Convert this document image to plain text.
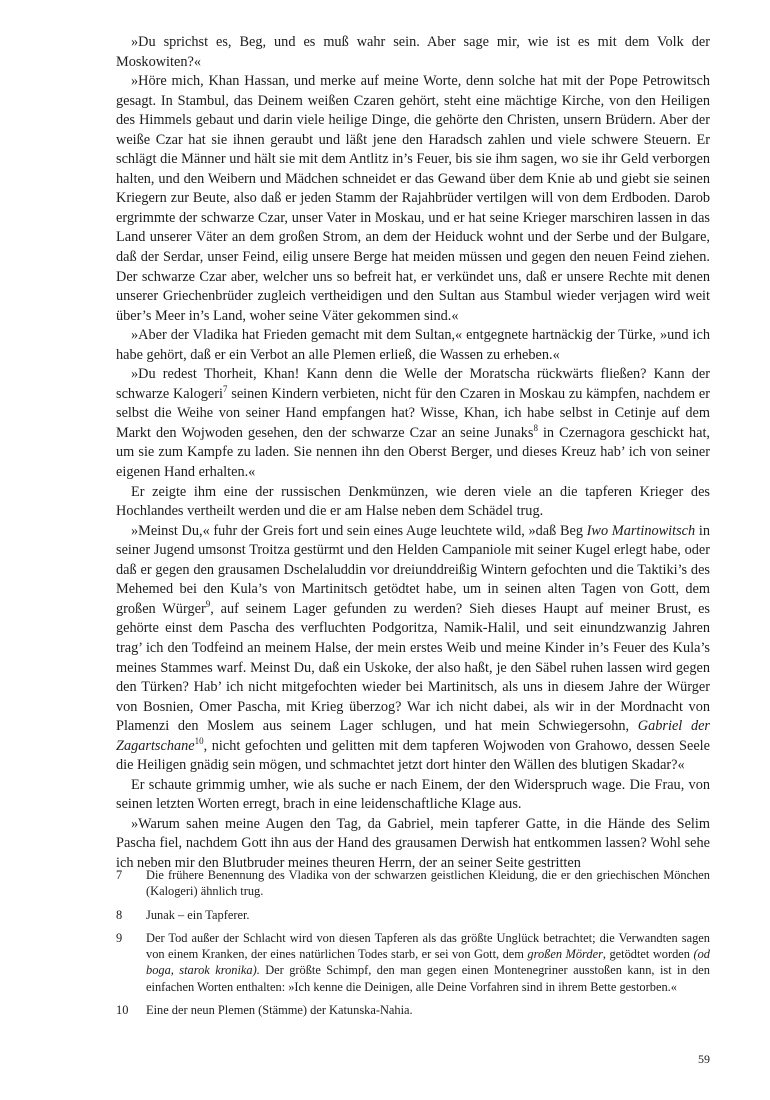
»Du sprichst es, Beg, und es muß wahr sein. Aber sage mir, wie ist es mit dem Volk der Moskowiten?«

»Höre mich, Khan Hassan, und merke auf meine Worte, denn solche hat mit der Pope Petrowitsch gesagt. In Stambul, das Deinem weißen Czaren gehört, steht eine mächtige Kirche, von den Heiligen des Himmels gebaut und darin viele heilige Dinge, die gehörte den Christen, unsern Brüdern. Aber der weiße Czar hat sie ihnen geraubt und läßt jene den Haradsch zahlen und viele schwere Steuern. Er schlägt die Männer und hält sie mit dem Antlitz in’s Feuer, bis sie ihm sagen, wo sie ihr Geld verborgen halten, und den Weibern und Mädchen schneidet er das Gewand über dem Knie ab und giebt sie seinen Kriegern zur Beute, also daß er jeden Stamm der Rajahbrüder vertilgen will von dem Erdboden. Darob ergrimmte der schwarze Czar, unser Vater in Moskau, und er hat seine Krieger marschiren lassen in das Land unserer Väter an dem großen Strom, an dem der Heiduck wohnt und der Serbe und der Bulgare, daß der Serdar, unser Feind, eilig unsere Berge hat meiden müssen und gegen den neuen Feind ziehen. Der schwarze Czar aber, welcher uns so befreit hat, er verkündet uns, daß er unsere Rechte mit denen unserer Griechenbrüder zugleich vertheidigen und den Sultan aus Stambul wieder verjagen wird weit über’s Meer in’s Land, woher seine Väter gekommen sind.«

»Aber der Vladika hat Frieden gemacht mit dem Sultan,« entgegnete hartnäckig der Türke, »und ich habe gehört, daß er ein Verbot an alle Plemen erließ, die Wassen zu erheben.«

»Du redest Thorheit, Khan! Kann denn die Welle der Moratscha rückwärts fließen? Kann der schwarze Kalogeri$^7$ seinen Kindern verbieten, nicht für den Czaren in Moskau zu kämpfen, nachdem er selbst die Weihe von seiner Hand empfangen hat? Wisse, Khan, ich habe selbst in Cetinje auf dem Markt den Wojwoden gesehen, den der schwarze Czar an seine Junaks$^8$ in Czernagora geschickt hat, um sie zum Kampfe zu laden. Sie nennen ihn den Oberst Berger, und dieses Kreuz hab’ ich von seiner eigenen Hand erhalten.«

Er zeigte ihm eine der russischen Denkmünzen, wie deren viele an die tapferen Krieger des Hochlandes vertheilt werden und die er am Halse neben dem Schädel trug.

»Meinst Du,« fuhr der Greis fort und sein eines Auge leuchtete wild, »daß Beg Iwo Martinowitsch in seiner Jugend umsonst Troitza gestürmt und den Helden Campaniole mit seiner Kugel erlegt habe, oder daß er gegen den grausamen Dschelaluddin vor dreiunddreißig Wintern gefochten und die Taktiki’s des Mehemed bei den Kula’s von Martinitsch getödtet habe, um in seinen alten Tagen von Gott, dem großen Würger$^9$, auf seinem Lager gefunden zu werden? Sieh dieses Haupt auf meiner Brust, es gehörte einst dem Pascha des verfluchten Podgoritza, Namik-Halil, und seit einundzwanzig Jahren trag’ ich den Todfeind an meinem Halse, der mein erstes Weib und meine Kinder in’s Feuer des Kula’s meines Stammes warf. Meinst Du, daß ein Uskoke, der also haßt, je den Säbel ruhen lassen wird gegen den Türken? Hab’ ich nicht mitgefochten wieder bei Martinitsch, als uns in diesem Jahre der Würger von Bosnien, Omer Pascha, mit Krieg überzog? War ich nicht dabei, als wir in der Mordnacht von Plamenzi den Moslem aus seinem Lager schlugen, und hat mein Schwiegersohn, Gabriel der Zagartschane$^{10}$, nicht gefochten und gelitten mit dem tapferen Wojwoden von Grahowo, dessen Seele die Heiligen gnädig sein mögen, und schmachtet jetzt dort hinter den Wällen des blutigen Skadar?«

Er schaute grimmig umher, wie als suche er nach Einem, der den Widerspruch wage. Die Frau, von seinen letzten Worten erregt, brach in eine leidenschaftliche Klage aus.

»Warum sahen meine Augen den Tag, da Gabriel, mein tapferer Gatte, in die Hände des Selim Pascha fiel, nachdem Gott ihn aus der Hand des grausamen Derwish hat entkommen lassen? Wohl sehe ich neben mir den Blutbruder meines theuren Herrn, der an seiner Seite gestritten

7	Die frühere Benennung des Vladika von der schwarzen geistlichen Kleidung, die er den griechischen Mönchen (Kalogeri) ähnlich trug.
8	Junak – ein Tapferer.
9	Der Tod außer der Schlacht wird von diesen Tapferen als das größte Unglück betrachtet; die Verwandten sagen von einem Kranken, der eines natürlichen Todes starb, er sei von Gott, dem großen Mörder, getödtet worden (od boga, starok kronika). Der größte Schimpf, den man gegen einen Montenegriner ausstoßen kann, ist in den einfachen Worten enthalten: »Ich kenne die Deinigen, alle Deine Vorfahren sind in ihrem Bette gestorben.«
10	Eine der neun Plemen (Stämme) der Katunska-Nahia.
59
